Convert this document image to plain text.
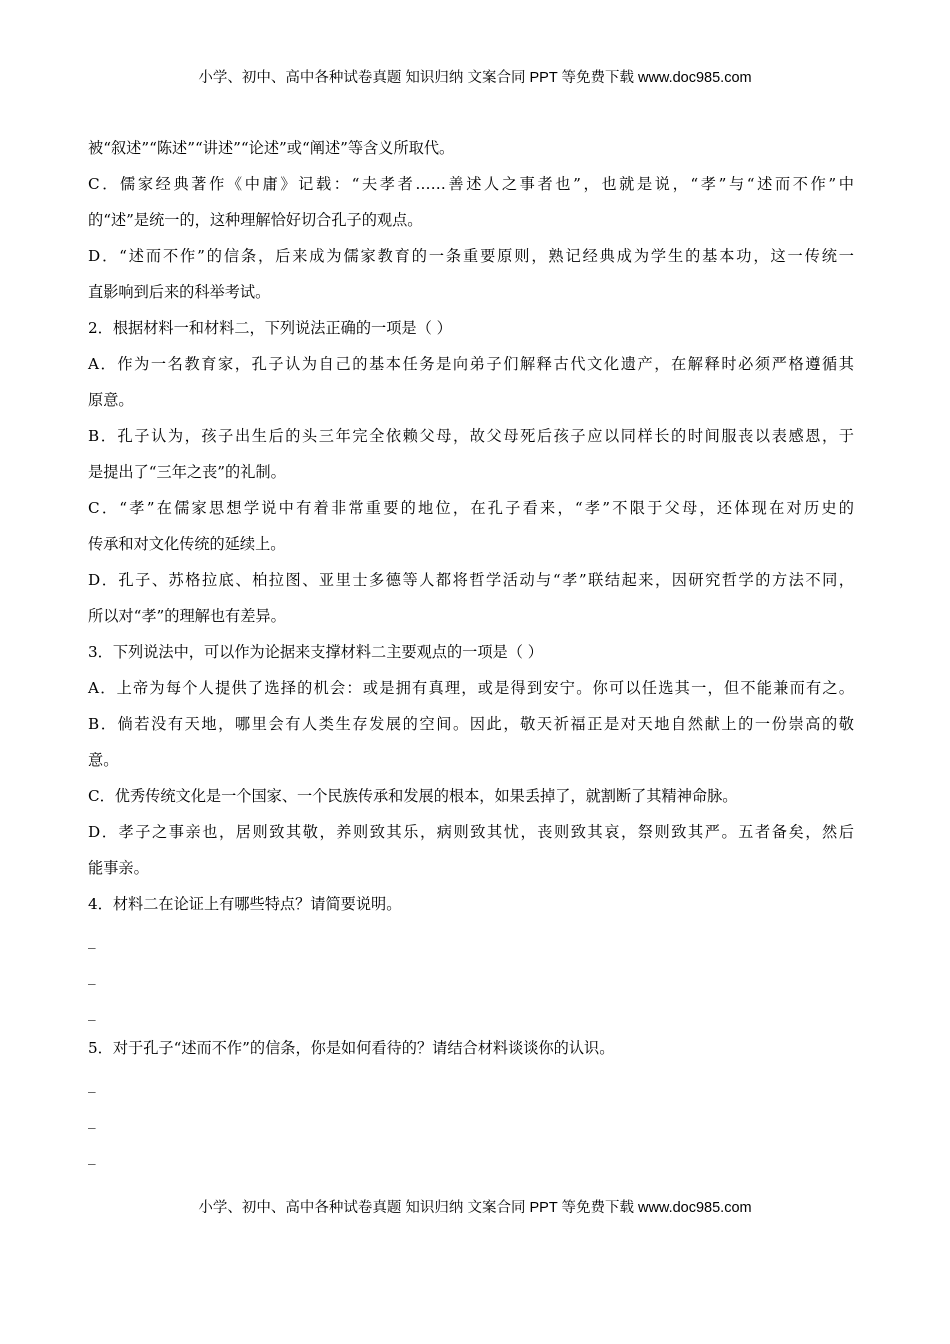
小学、初中、高中各种试卷真题 知识归纳 文案合同 PPT 等免费下载 www.doc985.com
被“叙述”“陈述”“讲述”“论述”或“阐述”等含义所取代。
C．儒家经典著作《中庸》记载：“夫孝者……善述人之事者也”，也就是说，“孝”与“述而不作”中
的“述”是统一的，这种理解恰好切合孔子的观点。
D．“述而不作”的信条，后来成为儒家教育的一条重要原则，熟记经典成为学生的基本功，这一传统一
直影响到后来的科举考试。
2．根据材料一和材料二，下列说法正确的一项是（ ）
A．作为一名教育家，孔子认为自己的基本任务是向弟子们解释古代文化遗产，在解释时必须严格遵循其
原意。
B．孔子认为，孩子出生后的头三年完全依赖父母，故父母死后孩子应以同样长的时间服丧以表感恩，于
是提出了“三年之丧”的礼制。
C．“孝”在儒家思想学说中有着非常重要的地位，在孔子看来，“孝”不限于父母，还体现在对历史的
传承和对文化传统的延续上。
D．孔子、苏格拉底、柏拉图、亚里士多德等人都将哲学活动与“孝”联结起来，因研究哲学的方法不同，
所以对“孝”的理解也有差异。
3．下列说法中，可以作为论据来支撑材料二主要观点的一项是（ ）
A．上帝为每个人提供了选择的机会：或是拥有真理，或是得到安宁。你可以任选其一，但不能兼而有之。
B．倘若没有天地，哪里会有人类生存发展的空间。因此，敬天祈福正是对天地自然献上的一份崇高的敬
意。
C．优秀传统文化是一个国家、一个民族传承和发展的根本，如果丢掉了，就割断了其精神命脉。
D．孝子之事亲也，居则致其敬，养则致其乐，病则致其忧，丧则致其哀，祭则致其严。五者备矣，然后
能事亲。
4．材料二在论证上有哪些特点？请简要说明。
_
_
_
5．对于孔子“述而不作”的信条，你是如何看待的？请结合材料谈谈你的认识。
_
_
_
小学、初中、高中各种试卷真题 知识归纳 文案合同 PPT 等免费下载 www.doc985.com
